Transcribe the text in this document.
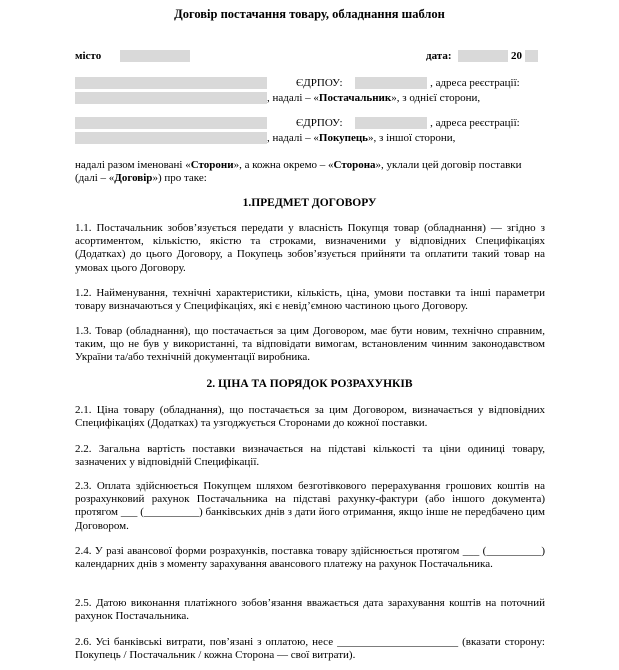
Договір постачання товару, обладнання шаблон
місто	дата:	20
ЄДРПОУ:	, адреса реєстрації:
, надалі – «Постачальник», з однієї сторони,
ЄДРПОУ:	, адреса реєстрації:
, надалі – «Покупець», з іншої сторони,
надалі разом іменовані «Сторони», а кожна окремо – «Сторона», уклали цей договір поставки
(далі – «Договір») про таке:
1.ПРЕДМЕТ ДОГОВОРУ
1.1. Постачальник зобов’язується передати у власність Покупця товар (обладнання) — згідно з асортиментом, кількістю, якістю та строками, визначеними у відповідних Специфікаціях (Додатках) до цього Договору, а Покупець зобов’язується прийняти та оплатити такий товар на умовах цього Договору.
1.2. Найменування, технічні характеристики, кількість, ціна, умови поставки та інші параметри товару визначаються у Специфікаціях, які є невід’ємною частиною цього Договору.
1.3. Товар (обладнання), що постачається за цим Договором, має бути новим, технічно справним, таким, що не був у використанні, та відповідати вимогам, встановленим чинним законодавством України та/або технічній документації виробника.
2. ЦІНА ТА ПОРЯДОК РОЗРАХУНКІВ
2.1. Ціна товару (обладнання), що постачається за цим Договором, визначається у відповідних Специфікаціях (Додатках) та узгоджується Сторонами до кожної поставки.
2.2. Загальна вартість поставки визначається на підставі кількості та ціни одиниці товару, зазначених у відповідній Специфікації.
2.3. Оплата здійснюється Покупцем шляхом безготівкового перерахування грошових коштів на розрахунковий рахунок Постачальника на підставі рахунку-фактури (або іншого документа) протягом ___ (__________) банківських днів з дати його отримання, якщо інше не передбачено цим Договором.
2.4. У разі авансової форми розрахунків, поставка товару здійснюється протягом ___ (__________) календарних днів з моменту зарахування авансового платежу на рахунок Постачальника.
2.5. Датою виконання платіжного зобов’язання вважається дата зарахування коштів на поточний рахунок Постачальника.
2.6. Усі банківські витрати, пов’язані з оплатою, несе ______________________ (вказати сторону: Покупець / Постачальник / кожна Сторона — свої витрати).
